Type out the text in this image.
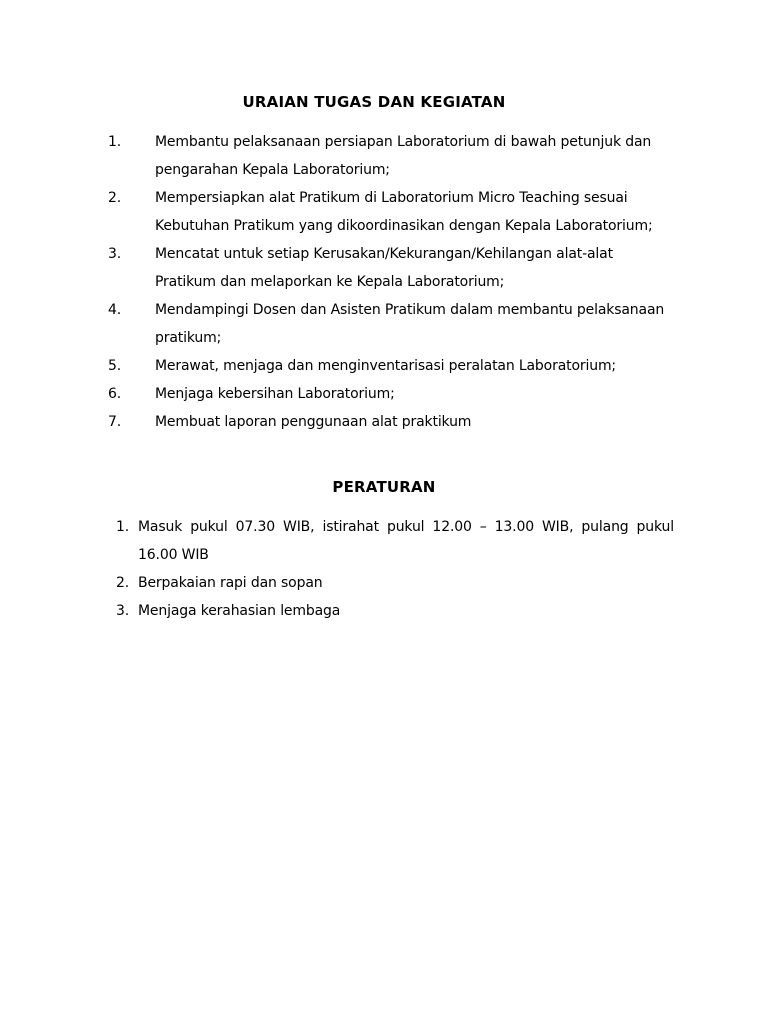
URAIAN TUGAS DAN KEGIATAN
1. Membantu pelaksanaan persiapan Laboratorium di bawah petunjuk dan pengarahan Kepala Laboratorium;
2. Mempersiapkan alat Pratikum di Laboratorium Micro Teaching sesuai Kebutuhan Pratikum yang dikoordinasikan dengan Kepala Laboratorium;
3. Mencatat untuk setiap Kerusakan/Kekurangan/Kehilangan alat-alat Pratikum dan melaporkan ke Kepala Laboratorium;
4. Mendampingi Dosen dan Asisten Pratikum dalam membantu pelaksanaan pratikum;
5. Merawat, menjaga dan menginventarisasi peralatan Laboratorium;
6. Menjaga kebersihan Laboratorium;
7. Membuat laporan penggunaan alat praktikum
PERATURAN
1. Masuk pukul 07.30 WIB, istirahat pukul 12.00 – 13.00 WIB, pulang pukul 16.00 WIB
2. Berpakaian rapi dan sopan
3. Menjaga kerahasian lembaga
